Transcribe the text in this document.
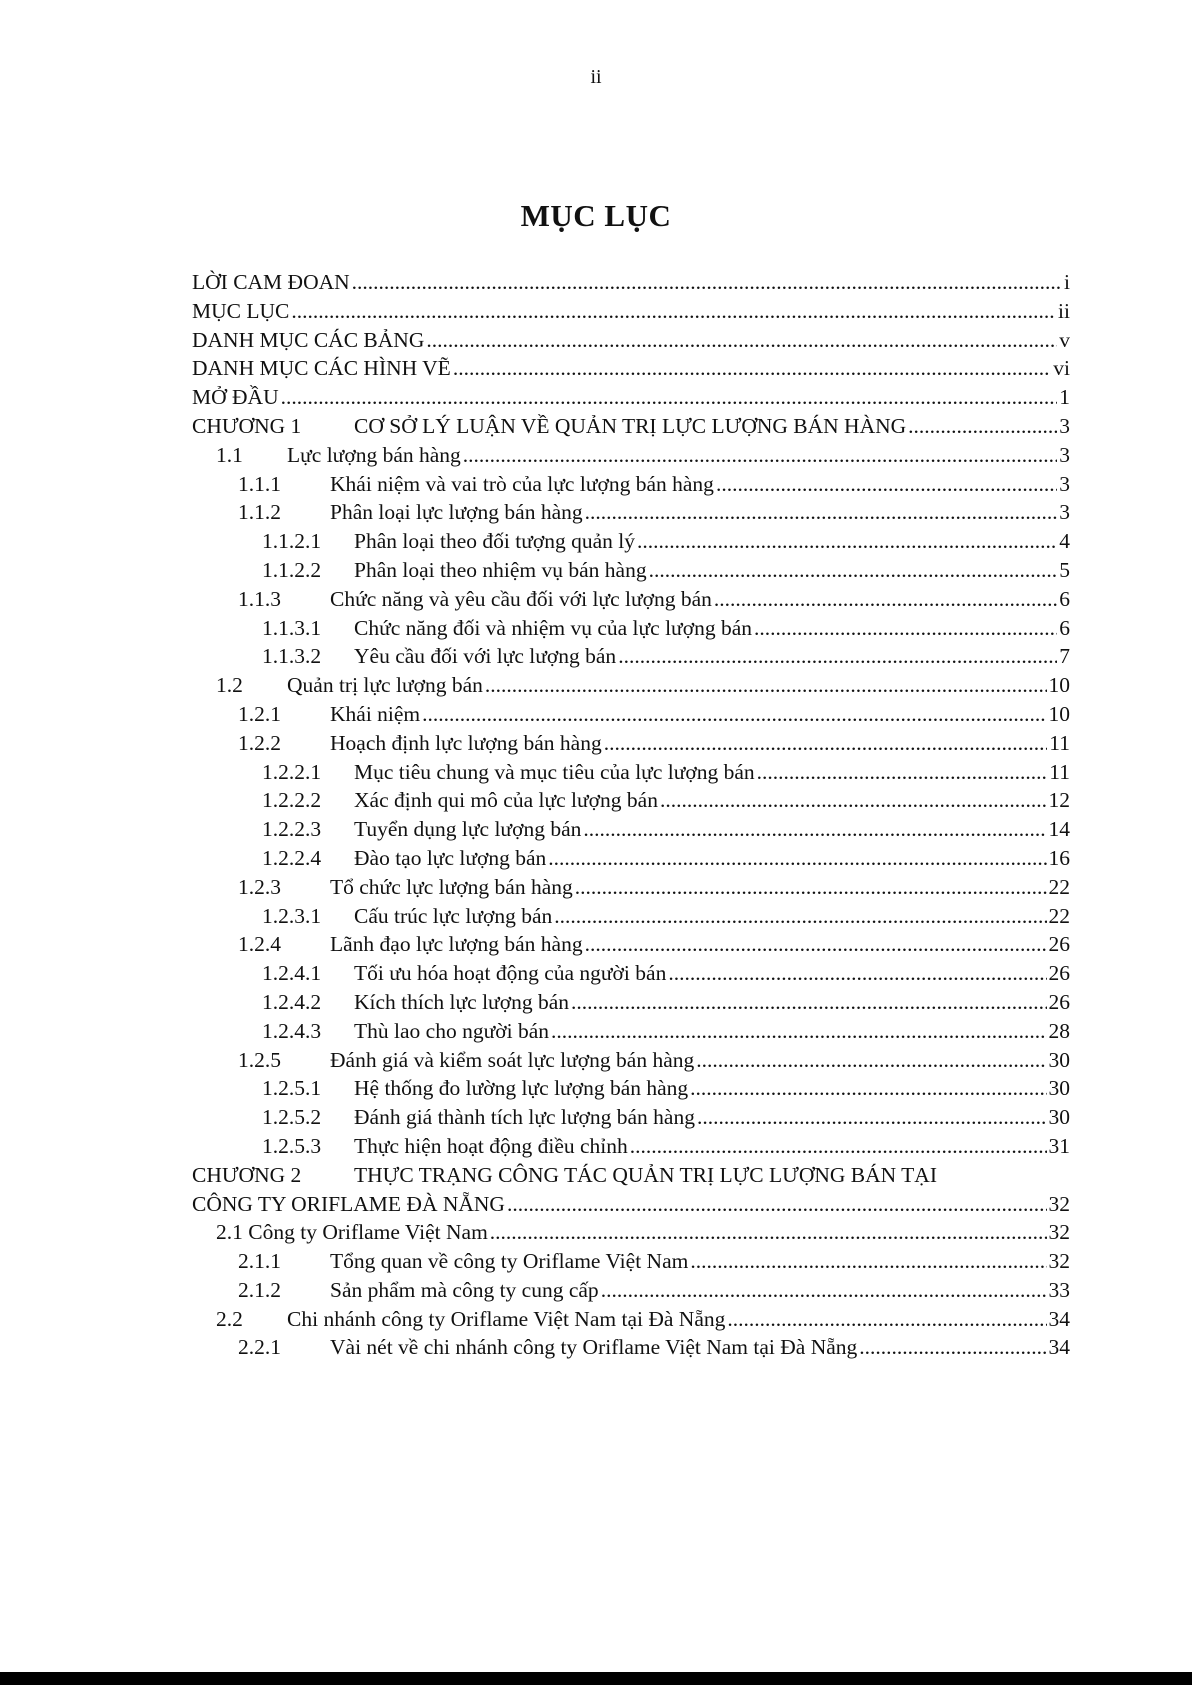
ii
MỤC LỤC
LỜI CAM ĐOAN .....	i
MỤC LỤC .....	ii
DANH MỤC CÁC BẢNG .....	v
DANH MỤC CÁC HÌNH VẼ .....	vi
MỞ ĐẦU .....	1
CHƯƠNG 1	CƠ SỞ LÝ LUẬN VỀ QUẢN TRỊ LỰC LƯỢNG BÁN HÀNG .....	3
1.1	Lực lượng bán hàng .....	3
1.1.1	Khái niệm và vai trò của lực lượng bán hàng .....	3
1.1.2	Phân loại lực lượng bán hàng .....	3
1.1.2.1	Phân loại theo đối tượng quản lý .....	4
1.1.2.2	Phân loại theo nhiệm vụ bán hàng .....	5
1.1.3	Chức năng và yêu cầu đối với lực lượng bán .....	6
1.1.3.1	Chức năng đối và nhiệm vụ của lực lượng bán .....	6
1.1.3.2	Yêu cầu đối với lực lượng bán .....	7
1.2	Quản trị lực lượng bán .....	10
1.2.1	Khái niệm .....	10
1.2.2	Hoạch định lực lượng bán hàng .....	11
1.2.2.1	Mục tiêu chung và mục tiêu của lực lượng bán .....	11
1.2.2.2	Xác định qui mô của lực lượng bán .....	12
1.2.2.3	Tuyển dụng lực lượng bán .....	14
1.2.2.4	Đào tạo lực lượng bán .....	16
1.2.3	Tổ chức lực lượng bán hàng .....	22
1.2.3.1	Cấu trúc lực lượng bán .....	22
1.2.4	Lãnh đạo lực lượng bán hàng .....	26
1.2.4.1	Tối ưu hóa hoạt động của người bán .....	26
1.2.4.2	Kích thích lực lượng bán .....	26
1.2.4.3	Thù lao cho người bán .....	28
1.2.5	Đánh giá và kiểm soát lực lượng bán hàng .....	30
1.2.5.1	Hệ thống đo lường lực lượng bán hàng .....	30
1.2.5.2	Đánh giá thành tích lực lượng bán hàng .....	30
1.2.5.3	Thực hiện hoạt động điều chỉnh .....	31
CHƯƠNG 2	THỰC TRẠNG CÔNG TÁC QUẢN TRỊ LỰC LƯỢNG BÁN TẠI
CÔNG TY ORIFLAME ĐÀ NẴNG .....	32
2.1 Công ty Oriflame Việt Nam .....	32
2.1.1	Tổng quan về công ty Oriflame Việt Nam .....	32
2.1.2	Sản phẩm mà công ty cung cấp .....	33
2.2	Chi nhánh công ty Oriflame Việt Nam tại Đà Nẵng .....	34
2.2.1	Vài nét về chi nhánh công ty Oriflame Việt Nam tại Đà Nẵng .....	34
